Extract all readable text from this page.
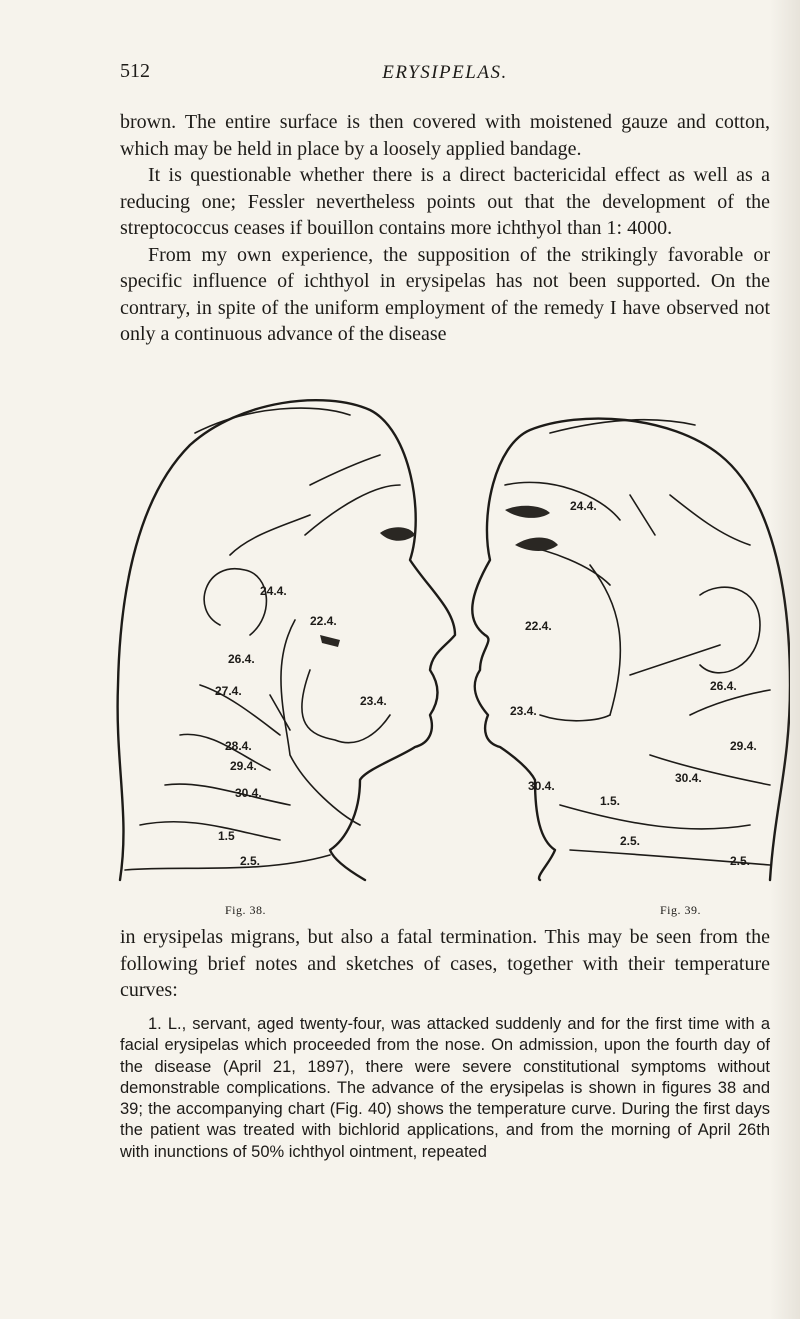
512	ERYSIPELAS.

brown. The entire surface is then covered with moistened gauze and cotton, which may be held in place by a loosely applied bandage.

It is questionable whether there is a direct bactericidal effect as well as a reducing one; Fessler nevertheless points out that the development of the streptococcus ceases if bouillon contains more ichthyol than 1: 4000.

From my own experience, the supposition of the strikingly favorable or specific influence of ichthyol in erysipelas has not been supported. On the contrary, in spite of the uniform employment of the remedy I have observed not only a continuous advance of the disease

24.4.
22.4.
26.4.
27.4.
23.4.
28.4.
29.4.
30.4.
1.5
2.5.
24.4.
22.4.
26.4.
23.4.
29.4.
30.4.
30.4.
1.5.
2.5.
2.5.
Fig. 38.	Fig. 39.

in erysipelas migrans, but also a fatal termination. This may be seen from the following brief notes and sketches of cases, together with their temperature curves:

1. L., servant, aged twenty-four, was attacked suddenly and for the first time with a facial erysipelas which proceeded from the nose. On admission, upon the fourth day of the disease (April 21, 1897), there were severe constitutional symptoms without demonstrable complications. The advance of the erysipelas is shown in figures 38 and 39; the accompanying chart (Fig. 40) shows the temperature curve. During the first days the patient was treated with bichlorid applications, and from the morning of April 26th with inunctions of 50% ichthyol ointment, repeated
